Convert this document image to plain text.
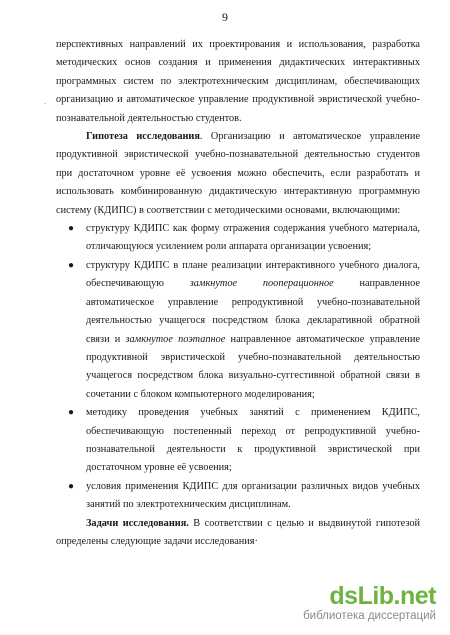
9
.

перспективных направлений их проектирования и использования, разработка методических основ создания и применения дидактических интерактивных программных систем по электротехническим дисциплинам, обеспечивающих организацию и автоматическое управление продуктивной эвристической учебно-познавательной деятельностью студентов.

Гипотеза исследования. Организацию и автоматическое управление продуктивной эвристической учебно-познавательной деятельностью студентов при достаточном уровне её усвоения можно обеспечить, если разработать и использовать комбинированную дидактическую интерактивную программную систему (КДИПС) в соответствии с методическими основами, включающими:

● структуру КДИПС как форму отражения содержания учебного материала, отличающуюся усилением роли аппарата организации усвоения;
● структуру КДИПС в плане реализации интерактивного учебного диалога, обеспечивающую замкнутое пооперационное направленное автоматическое управление репродуктивной учебно-познавательной деятельностью учащегося посредством блока декларативной обратной связи и замкнутое поэтапное направленное автоматическое управление продуктивной эвристической учебно-познавательной деятельностью учащегося посредством блока визуально-суггестивной обратной связи в сочетании с блоком компьютерного моделирования;
● методику проведения учебных занятий с применением КДИПС, обеспечивающую постепенный переход от репродуктивной учебно-познавательной деятельности к продуктивной эвристической при достаточном уровне её усвоения;
● условия применения КДИПС для организации различных видов учебных занятий по электротехническим дисциплинам.

Задачи исследования. В соответствии с целью и выдвинутой гипотезой определены следующие задачи исследования·

dsLib.net
библиотека диссертаций
